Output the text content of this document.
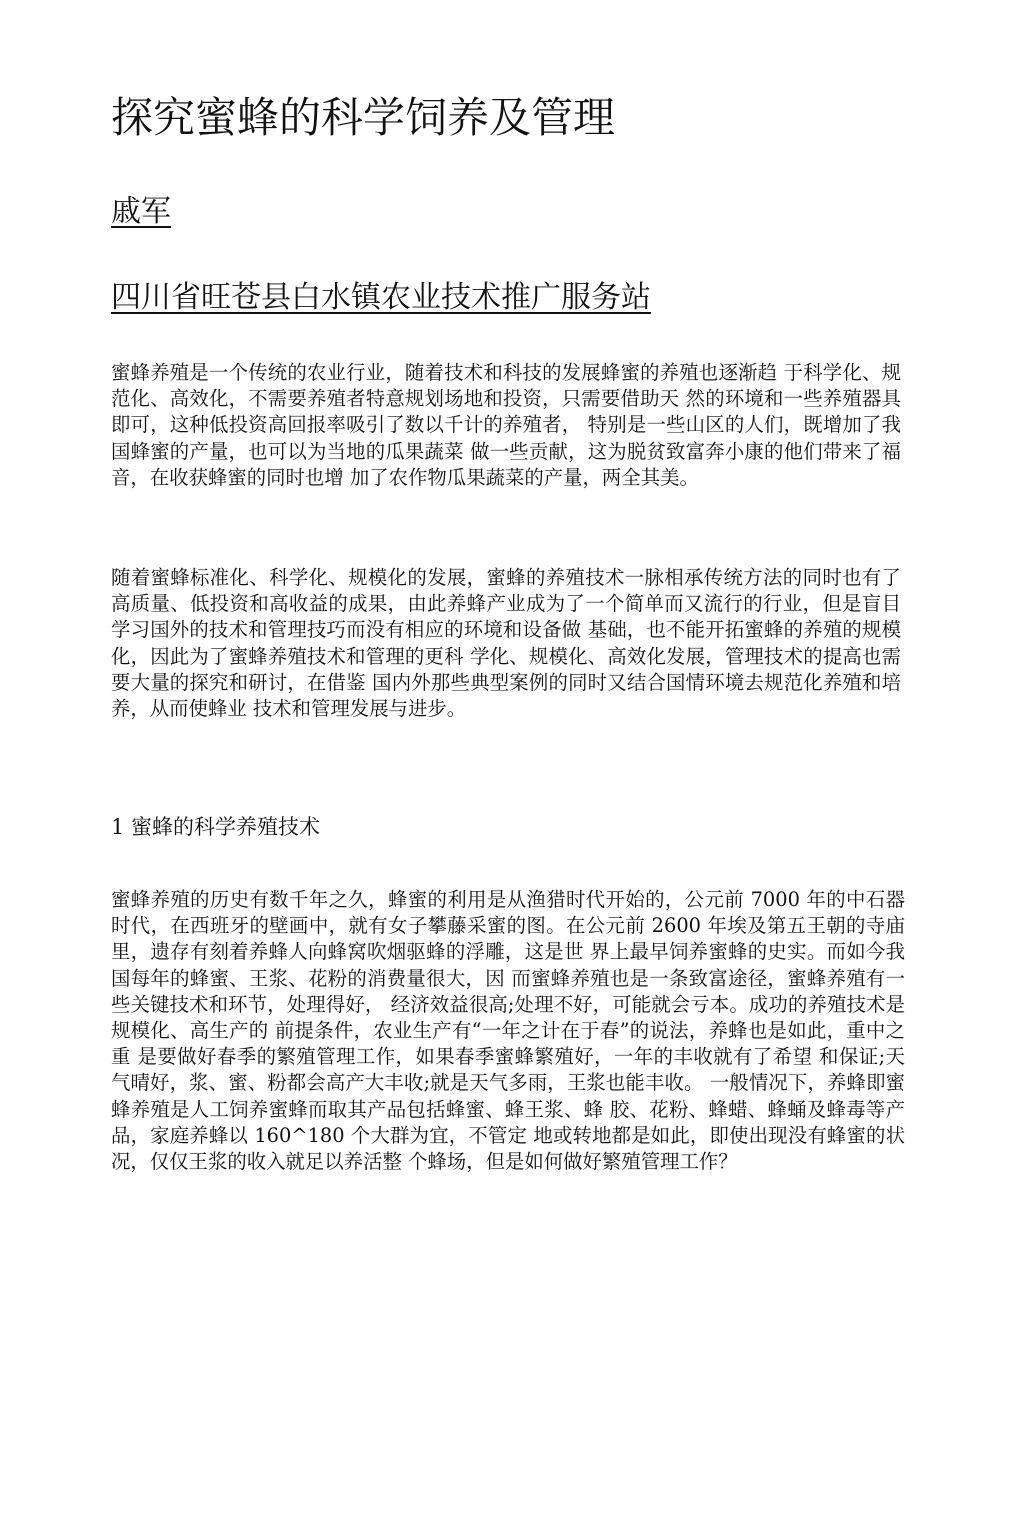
探究蜜蜂的科学饲养及管理
戚军
四川省旺苍县白水镇农业技术推广服务站

蜜蜂养殖是一个传统的农业行业，随着技术和科技的发展蜂蜜的养殖也逐渐趋 于科学化、规范化、高效化，不需要养殖者特意规划场地和投资，只需要借助天 然的环境和一些养殖器具即可，这种低投资高回报率吸引了数以千计的养殖者， 特别是一些山区的人们，既增加了我国蜂蜜的产量，也可以为当地的瓜果蔬菜 做一些贡献，这为脱贫致富奔小康的他们带来了福音，在收获蜂蜜的同时也增 加了农作物瓜果蔬菜的产量，两全其美。

随着蜜蜂标准化、科学化、规模化的发展，蜜蜂的养殖技术一脉相承传统方法的同时也有了高质量、低投资和高收益的成果，由此养蜂产业成为了一个简单而又流行的行业，但是盲目学习国外的技术和管理技巧而没有相应的环境和设备做 基础，也不能开拓蜜蜂的养殖的规模化，因此为了蜜蜂养殖技术和管理的更科 学化、规模化、高效化发展，管理技术的提高也需要大量的探究和研讨，在借鉴 国内外那些典型案例的同时又结合国情环境去规范化养殖和培养，从而使蜂业 技术和管理发展与进步。

1 蜜蜂的科学养殖技术

蜜蜂养殖的历史有数千年之久，蜂蜜的利用是从渔猎时代开始的，公元前 7000 年的中石器时代，在西班牙的壁画中，就有女子攀藤采蜜的图。在公元前 2600 年埃及第五王朝的寺庙里，遗存有刻着养蜂人向蜂窝吹烟驱蜂的浮雕，这是世 界上最早饲养蜜蜂的史实。而如今我国每年的蜂蜜、王浆、花粉的消费量很大，因 而蜜蜂养殖也是一条致富途径，蜜蜂养殖有一些关键技术和环节，处理得好， 经济效益很高;处理不好，可能就会亏本。成功的养殖技术是规模化、高生产的 前提条件，农业生产有“一年之计在于春”的说法，养蜂也是如此，重中之重 是要做好春季的繁殖管理工作，如果春季蜜蜂繁殖好，一年的丰收就有了希望 和保证;天气晴好，浆、蜜、粉都会高产大丰收;就是天气多雨，王浆也能丰收。 一般情况下，养蜂即蜜蜂养殖是人工饲养蜜蜂而取其产品包括蜂蜜、蜂王浆、蜂 胶、花粉、蜂蜡、蜂蛹及蜂毒等产品，家庭养蜂以 160^180 个大群为宜，不管定 地或转地都是如此，即使出现没有蜂蜜的状况，仅仅王浆的收入就足以养活整 个蜂场，但是如何做好繁殖管理工作？
